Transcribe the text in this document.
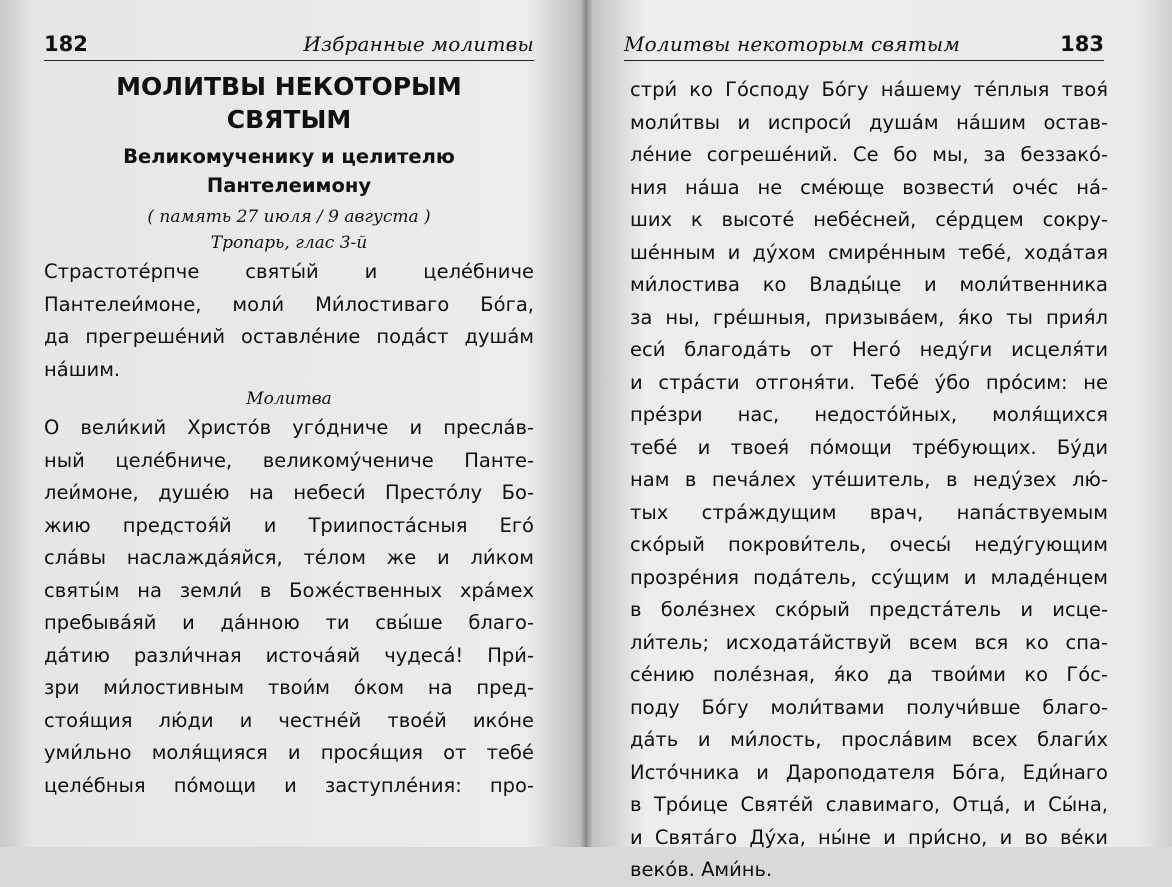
182	Избранные молитвы

МОЛИТВЫ НЕКОТОРЫМ
СВЯТЫМ

Великомученику и целителю
Пантелеимону

( память 27 июля / 9 августа )

Тропарь, глас 3-й

Страстоте́рпче святы́й и целе́бниче
Пантелеи́моне, моли́ Ми́лостиваго Бо́га,
да прегреше́ний оставле́ние пода́ст душа́м
на́шим.

Молитва

О вели́кий Христо́в уго́дниче и пресла́в-
ный целе́бниче, великому́чениче Панте-
леи́моне, душе́ю на небеси́ Престо́лу Бо-
жию предстоя́й и Триипоста́сныя Его́
сла́вы наслажда́яйся, те́лом же и ли́ком
святы́м на земли́ в Боже́ственных хра́мех
пребыва́яй и да́нною ти свы́ше благо-
да́тию разли́чная источа́яй чудеса́! При́-
зри ми́лостивным твои́м о́ком на пред-
стоя́щия лю́ди и честне́й твое́й ико́не
уми́льно моля́щияся и прося́щия от тебе́
целе́бныя по́мощи и заступле́ния: про-

Молитвы некоторым святым	183

стри́ ко Го́споду Бо́гу на́шему те́плыя твоя́
моли́твы и испроси́ душа́м на́шим остав-
ле́ние согреше́ний. Се бо мы, за беззако́-
ния на́ша не сме́юще возвести́ оче́с на́-
ших к высоте́ небе́сней, се́рдцем сокру-
ше́нным и ду́хом смире́нным тебе́, хода́тая
ми́лостива ко Влады́це и моли́твенника
за ны, гре́шныя, призыва́ем, я́ко ты прия́л
еси́ благода́ть от Него́ неду́ги исцеля́ти
и стра́сти отгоня́ти. Тебе́ у́бо про́сим: не
пре́зри нас, недосто́йных, моля́щихся
тебе́ и твоея́ по́мощи тре́бующих. Бу́ди
нам в печа́лех уте́шитель, в неду́зех лю́-
тых стра́ждущим врач, напа́ствуемым
ско́рый покрови́тель, очесы́ неду́гующим
прозре́ния пода́тель, ссу́щим и младе́нцем
в боле́знех ско́рый предста́тель и исце-
ли́тель; исходата́йствуй всем вся ко спа-
се́нию поле́зная, я́ко да твои́ми ко Го́с-
поду Бо́гу моли́твами получи́вше благо-
да́ть и ми́лость, просла́вим всех благи́х
Исто́чника и Дароподателя Бо́га, Еди́наго
в Тро́ице Святе́й славимаго, Отца́, и Сы́на,
и Свята́го Ду́ха, ны́не и при́сно, и во ве́ки
веко́в. Ами́нь.
